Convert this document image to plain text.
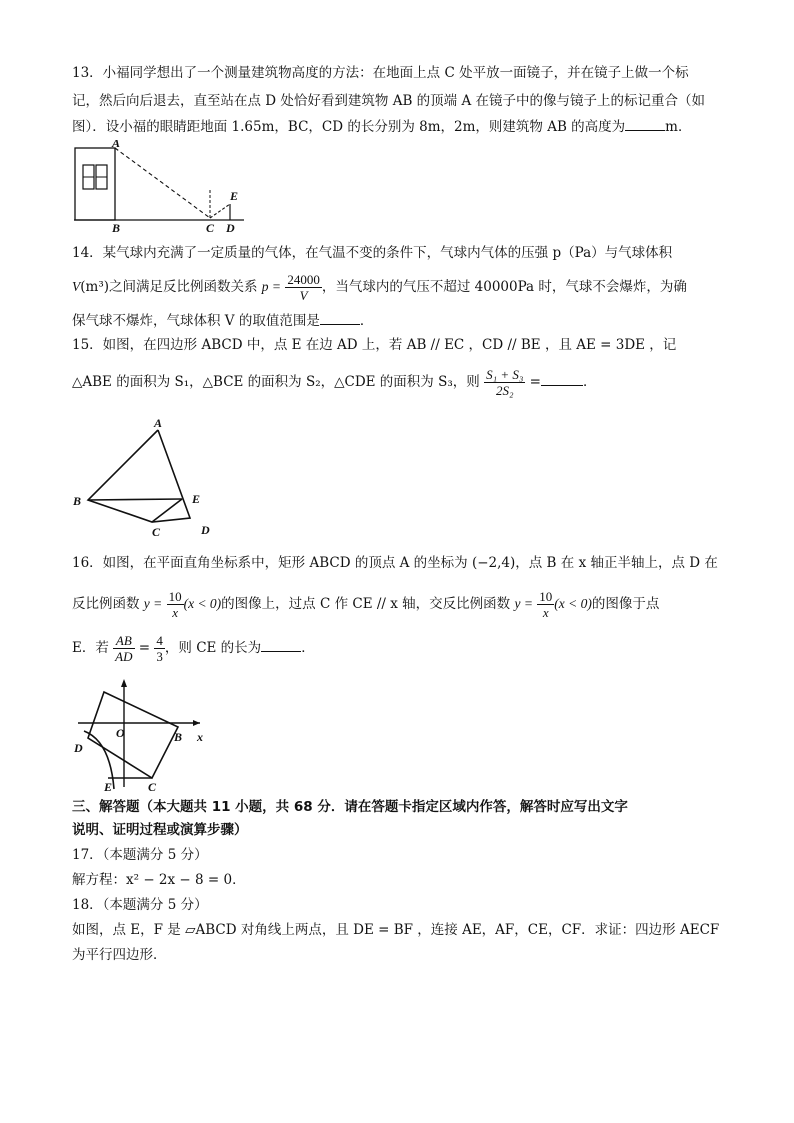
13．小福同学想出了一个测量建筑物高度的方法：在地面上点 C 处平放一面镜子，并在镜子上做一个标
记，然后向后退去，直至站在点 D 处恰好看到建筑物 AB 的顶端 A 在镜子中的像与镜子上的标记重合（如
图）．设小福的眼睛距地面 1.65m，BC，CD 的长分别为 8m，2m，则建筑物 AB 的高度为	m．
A
B	C D
E
14．某气球内充满了一定质量的气体，在气温不变的条件下，气球内气体的压强 p（Pa）与气球体积
V(m³)之间满足反比例函数关系 $p = \frac{24000}{V}$ ，当气球内的气压不超过 40000Pa 时，气球不会爆炸，为确
保气球不爆炸，气球体积 V 的取值范围是	．
15．如图，在四边形 ABCD 中，点 E 在边 AD 上，若 AB // EC ，CD // BE ，且 AE = 3DE ，记
△ABE 的面积为 S₁，△BCE 的面积为 S₂，△CDE 的面积为 S₃，则 $\frac{\text{S₁ + S₃}}{\text{2S₂}}$ =	．
A
B
C	D
E
16．如图，在平面直角坐标系中，矩形 ABCD 的顶点 A 的坐标为 (−2,4)，点 B 在 x 轴正半轴上，点 D 在
反比例函数 $y = \frac{10}{x} (x < 0)$的图像上，过点 C 作 CE // x 轴，交反比例函数 $y = \frac{10}{x} (x < 0)$的图像于点
E．若 $\frac{AB}{AD} = \frac{4}{3}$ ，则 CE 的长为	．
O	B x
D
E	C
三、解答题（本大题共 11 小题，共 68 分．请在答题卡指定区域内作答，解答时应写出文字
说明、证明过程或演算步骤）
17．（本题满分 5 分）
解方程：x² − 2x − 8 = 0．
18．（本题满分 5 分）
如图，点 E，F 是 ▱ABCD 对角线上两点，且 DE = BF ，连接 AE，AF，CE，CF．求证：四边形 AECF
为平行四边形．
